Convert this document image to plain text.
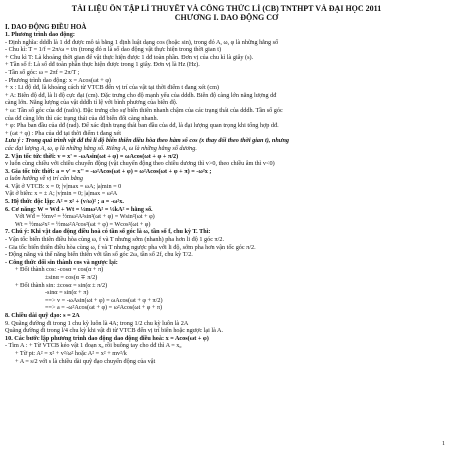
TÀI LIỆU ÔN TẬP LÍ THUYẾT VÀ CÔNG THỨC LÍ (CB) TNTHPT VÀ ĐẠI HỌC 2011
CHƯƠNG I. DAO ĐỘNG CƠ
I. DAO ĐỘNG ĐIỀU HOÀ
1. Phương trình dao động:
- Định nghĩa: dddh là 1 dđ được mô tả bằng 1 định luật dạng cos (hoặc sin), trong đó A, ω, φ là những hằng số
- Chu kì: T = 1/f = 2π/ω = t/n (trong đó n là số dao động vật thực hiện trong thời gian t)
+ Chu kì T: Là khoảng thời gian để vật thực hiện được 1 dđ toàn phần. Đơn vị của chu kì là giây (s).
+ Tần số f: Là số dđ toàn phần thực hiện được trong 1 giây. Đơn vị là Hz (Hz).
- Tần số góc: ω = 2πf = 2π/T ;
- Phương trình dao động: x = Acos(ωt + φ)
+ x : Li độ dđ, là khoảng cách từ VTCB đến vị trí của vật tại thời điểm t đang xét (cm)
+ A: Biên độ dđ, là li độ cực đại (cm). Đặc trưng cho độ mạnh yếu của dddh. Biên độ càng lớn năng lượng dđ
càng lớn. Năng lượng của vật dddh tỉ lệ với bình phương của biên độ.
+ ω: Tần số góc của dđ (rad/s). Đặc trưng cho sự biến thiên nhanh chậm của các trạng thái của dddh. Tần số góc
của dđ càng lớn thì các trạng thái của dđ biến đổi càng nhanh.
+ φ: Pha ban đầu của dđ (rad). Để xác định trạng thái ban đầu của dđ, là đại lượng quan trọng khi tổng hợp dđ.
+ (ωt + φ) : Pha của dđ tại thời điểm t đang xét
Lưu ý : Trong quá trình vật dđ thì li độ biến thiên điều hòa theo hàm số cos (x thay đổi theo thời gian t), nhưng
các đại lượng A, ω, φ là những hằng số. Riêng A, ω là những hằng số dương.
2. Vận tốc tức thời: v = x' = -ωAsin(ωt + φ) = ωAcos(ωt + φ + π/2)
v luôn cùng chiều với chiều chuyển động (vật chuyển động theo chiều dương thì v>0, theo chiều âm thì v<0)
3. Gia tốc tức thời: a = v' = x'' = -ω²Acos(ωt + φ) = ω²Acos(ωt + φ + π) = -ω²x ;
a luôn hướng về vị trí cân bằng
4. Vật ở VTCB: x = 0; |v|max = ωA; |a|min = 0
Vật ở biên: x = ± A; |v|min = 0; |a|max = ω²A
5. Hệ thức độc lập: A² = x² + (v/ω)² ; a = -ω²x.
6. Cơ năng: W = Wđ + Wt = ½mω²A² = ½kA² = hằng số.
Với Wđ = ½mv² = ½mω²A²sin²(ωt + φ) = Wsin²(ωt + φ)
Wt = ½mω²x² = ½mω²A²cos²(ωt + φ) = Wcos²(ωt + φ)
7. Chú ý: Khi vật dao động điều hoà có tần số góc là ω, tần số f, chu kỳ T. Thì:
- Vận tốc biến thiên điều hòa cùng ω, f và T nhưng sớm (nhanh) pha hơn li độ 1 góc π/2.
- Gia tốc biến thiên điều hòa cùng ω, f và T nhưng ngược pha với li độ, sớm pha hơn vận tốc góc π/2.
- Động năng và thế năng biến thiên với tần số góc 2ω, tần số 2f, chu kỳ T/2.
- Công thức đổi sin thành cos và ngược lại:
+ Đổi thành cos: -cosα = cos(α + π)
±sinα = cos(α ∓ π/2)
+ Đổi thành sin: ±cosα = sin(α ± π/2)
-sinα = sin(α + π)
==> v = -ωAsin(ωt + φ) = ωAcos(ωt + φ + π/2)
==> a = -ω²Acos(ωt + φ) = ω²Acos(ωt + φ + π)
8. Chiều dài quỹ đạo: s = 2A
9. Quãng đường đi trong 1 chu kỳ luôn là 4A; trong 1/2 chu kỳ luôn là 2A
Quãng đường đi trong l/4 chu kỳ khi vật đi từ VTCB đến vị trí biên hoặc ngược lại là A.
10. Các bước lập phương trình dao động dao động điều hoà: x = Acos(ωt + φ)
- Tìm A : + Từ VTCB kéo vật 1 đoạn x₀ rồi buông tay cho dđ thì A = x₀
+ Từ pt: A² = x² + v²/ω² hoặc A² = x² + mv²/k
+ A = s/2 với s là chiều dài quỹ đạo chuyển động của vật
1
